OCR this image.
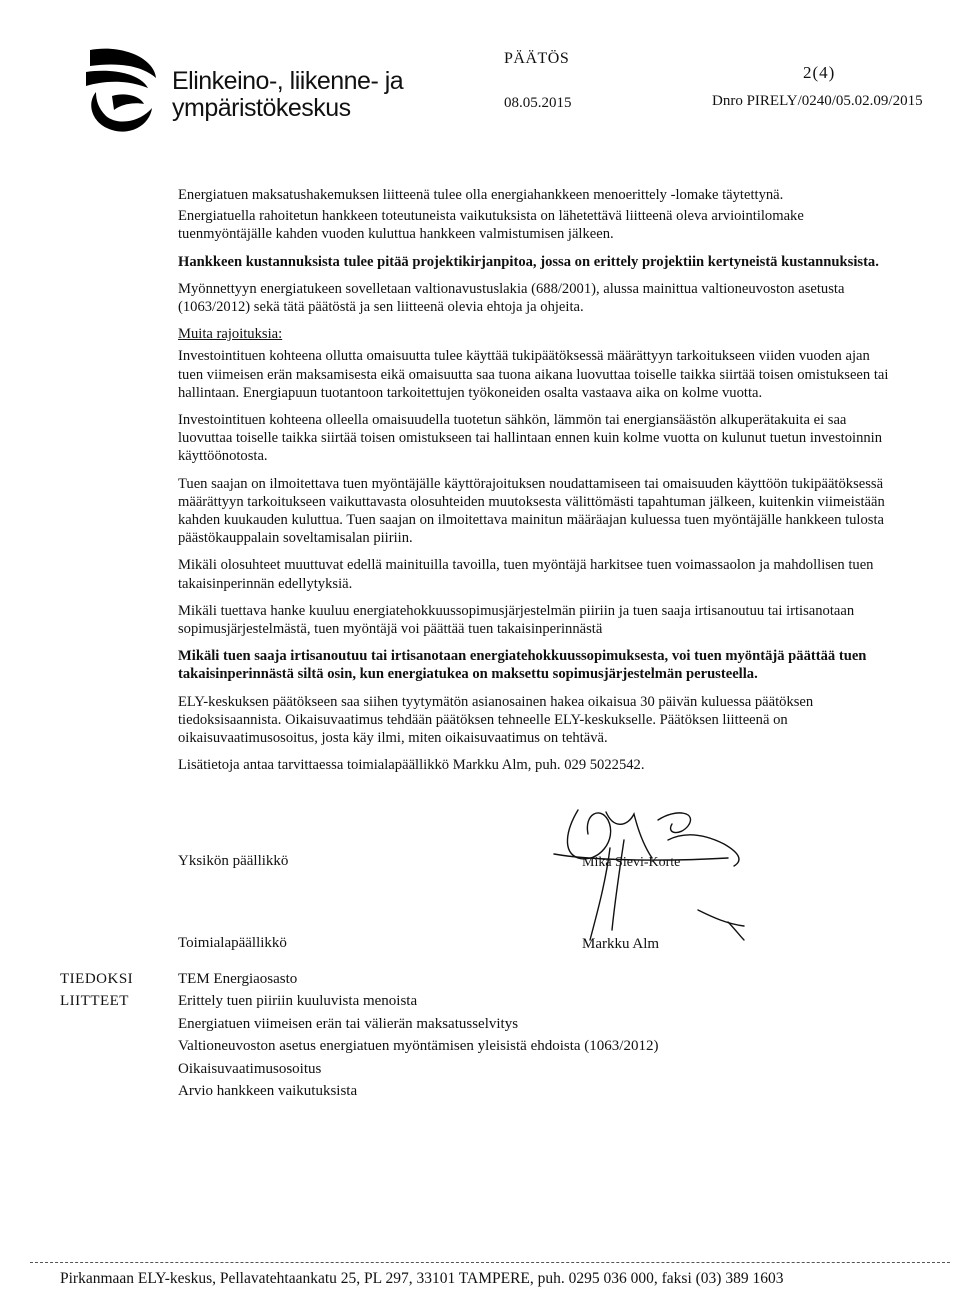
Elinkeino-, liikenne- ja
ympäristökeskus
PÄÄTÖS
08.05.2015
2(4)
Dnro PIRELY/0240/05.02.09/2015

Energiatuen maksatushakemuksen liitteenä tulee olla energiahankkeen menoerittely -lomake täytettynä.

Energiatuella rahoitetun hankkeen toteutuneista vaikutuksista on lähetettävä liitteenä oleva arviointilomake tuenmyöntäjälle kahden vuoden kuluttua hankkeen valmistumisen jälkeen.

Hankkeen kustannuksista tulee pitää projektikirjanpitoa, jossa on erittely projektiin kertyneistä kustannuksista.

Myönnettyyn energiatukeen sovelletaan valtionavustuslakia (688/2001), alussa mainittua valtioneuvoston asetusta (1063/2012) sekä tätä päätöstä ja sen liitteenä olevia ehtoja ja ohjeita.

Muita rajoituksia:

Investointituen kohteena ollutta omaisuutta tulee käyttää tukipäätöksessä määrättyyn tarkoitukseen viiden vuoden ajan tuen viimeisen erän maksamisesta eikä omaisuutta saa tuona aikana luovuttaa toiselle taikka siirtää toisen omistukseen tai hallintaan. Energiapuun tuotantoon tarkoitettujen työkoneiden osalta vastaava aika on kolme vuotta.

Investointituen kohteena olleella omaisuudella tuotetun sähkön, lämmön tai energiansäästön alkuperätakuita ei saa luovuttaa toiselle taikka siirtää toisen omistukseen tai hallintaan ennen kuin kolme vuotta on kulunut tuetun investoinnin käyttöönotosta.

Tuen saajan on ilmoitettava tuen myöntäjälle käyttörajoituksen noudattamiseen tai omaisuuden käyttöön tukipäätöksessä määrättyyn tarkoitukseen vaikuttavasta olosuhteiden muutoksesta välittömästi tapahtuman jälkeen, kuitenkin viimeistään kahden kuukauden kuluttua. Tuen saajan on ilmoitettava mainitun määräajan kuluessa tuen myöntäjälle hankkeen tulosta päästökauppalain soveltamisalan piiriin.

Mikäli olosuhteet muuttuvat edellä mainituilla tavoilla, tuen myöntäjä harkitsee tuen voimassaolon ja mahdollisen tuen takaisinperinnän edellytyksiä.

Mikäli tuettava hanke kuuluu energiatehokkuussopimusjärjestelmän piiriin ja tuen saaja irtisanoutuu tai irtisanotaan sopimusjärjestelmästä, tuen myöntäjä voi päättää tuen takaisinperinnästä

Mikäli tuen saaja irtisanoutuu tai irtisanotaan energiatehokkuussopimuksesta, voi tuen myöntäjä päättää tuen takaisinperinnästä siltä osin, kun energiatukea on maksettu sopimusjärjestelmän perusteella.

ELY-keskuksen päätökseen saa siihen tyytymätön asianosainen hakea oikaisua 30 päivän kuluessa päätöksen tiedoksisaannista. Oikaisuvaatimus tehdään päätöksen tehneelle ELY-keskukselle. Päätöksen liitteenä on oikaisuvaatimusosoitus, josta käy ilmi, miten oikaisuvaatimus on tehtävä.

Lisätietoja antaa tarvittaessa toimialapäällikkö Markku Alm, puh. 029 5022542.

Yksikön päällikkö	Mika Sievi-Korte
Toimialapäällikkö	Markku Alm
TIEDOKSI
LIITTEET
TEM Energiaosasto
Erittely tuen piiriin kuuluvista menoista
Energiatuen viimeisen erän tai välierän maksatusselvitys
Valtioneuvoston asetus energiatuen myöntämisen yleisistä ehdoista (1063/2012)
Oikaisuvaatimusosoitus
Arvio hankkeen vaikutuksista
Pirkanmaan ELY-keskus, Pellavatehtaankatu 25, PL 297, 33101 TAMPERE, puh. 0295 036 000, faksi (03) 389 1603
